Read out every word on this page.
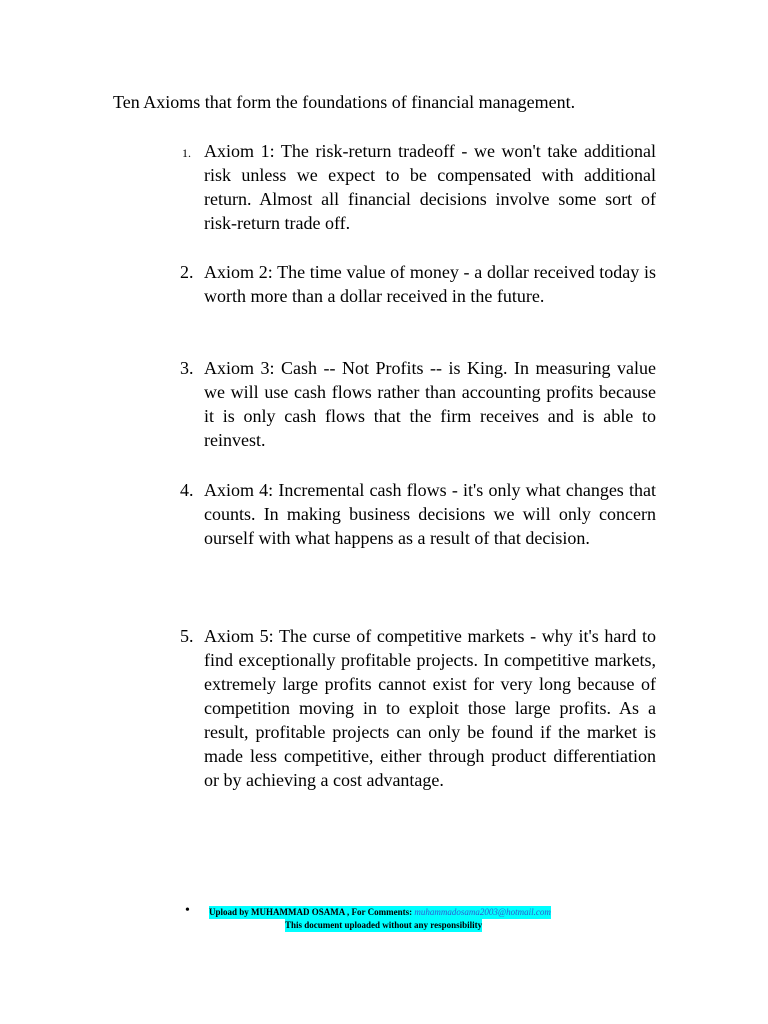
Ten Axioms that form the foundations of financial management.
1. Axiom 1: The risk-return tradeoff - we won't take additional risk unless we expect to be compensated with additional return. Almost all financial decisions involve some sort of risk-return trade off.
2. Axiom 2: The time value of money - a dollar received today is worth more than a dollar received in the future.
3. Axiom 3: Cash -- Not Profits -- is King. In measuring value we will use cash flows rather than accounting profits because it is only cash flows that the firm receives and is able to reinvest.
4. Axiom 4: Incremental cash flows - it's only what changes that counts. In making business decisions we will only concern ourself with what happens as a result of that decision.
5. Axiom 5: The curse of competitive markets - why it's hard to find exceptionally profitable projects. In competitive markets, extremely large profits cannot exist for very long because of competition moving in to exploit those large profits. As a result, profitable projects can only be found if the market is made less competitive, either through product differentiation or by achieving a cost advantage.
• Upload by MUHAMMAD OSAMA , For Comments: muhammadosama2003@hotmail.com
This document uploaded without any responsibility
